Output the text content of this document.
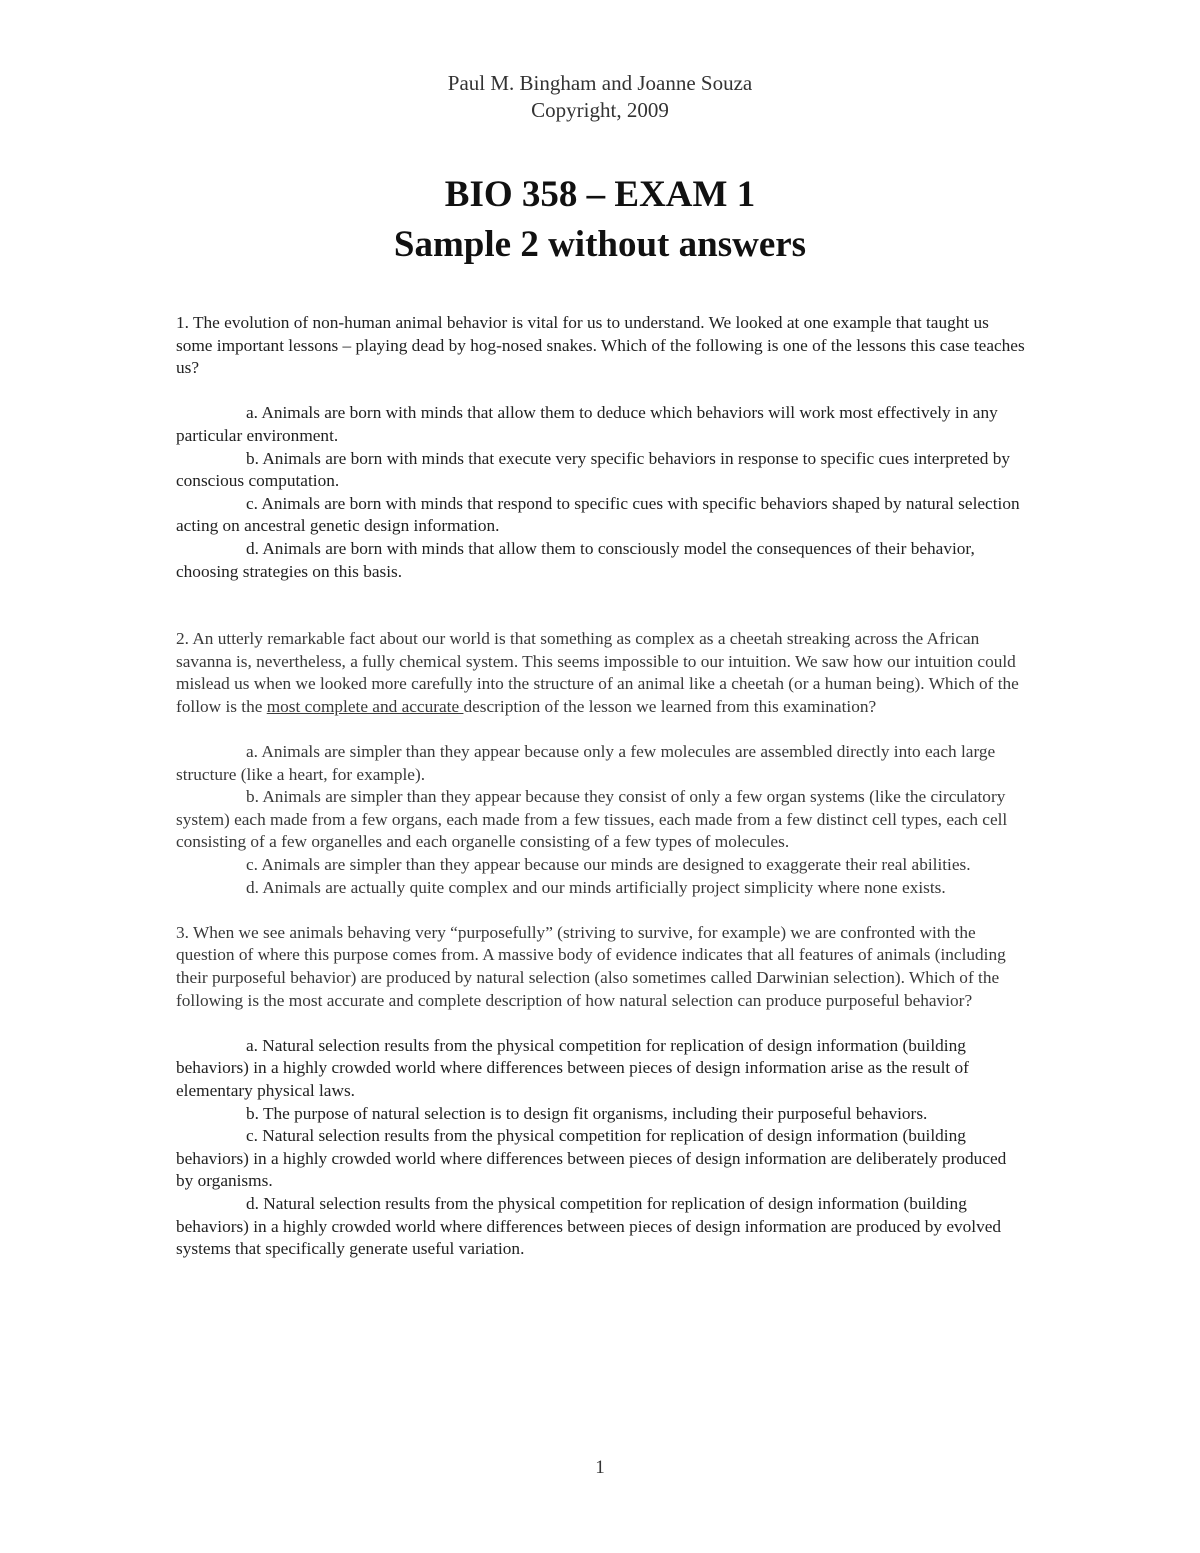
Paul M. Bingham and Joanne Souza
Copyright, 2009
BIO 358 – EXAM 1
Sample 2 without answers

1. The evolution of non-human animal behavior is vital for us to understand. We looked at one example that taught us some important lessons – playing dead by hog-nosed snakes. Which of the following is one of the lessons this case teaches us?

a. Animals are born with minds that allow them to deduce which behaviors will work most effectively in any particular environment.

b. Animals are born with minds that execute very specific behaviors in response to specific cues interpreted by conscious computation.

c. Animals are born with minds that respond to specific cues with specific behaviors shaped by natural selection acting on ancestral genetic design information.

d. Animals are born with minds that allow them to consciously model the consequences of their behavior, choosing strategies on this basis.

2. An utterly remarkable fact about our world is that something as complex as a cheetah streaking across the African savanna is, nevertheless, a fully chemical system. This seems impossible to our intuition. We saw how our intuition could mislead us when we looked more carefully into the structure of an animal like a cheetah (or a human being). Which of the follow is the most complete and accurate description of the lesson we learned from this examination?

a. Animals are simpler than they appear because only a few molecules are assembled directly into each large structure (like a heart, for example).

b. Animals are simpler than they appear because they consist of only a few organ systems (like the circulatory system) each made from a few organs, each made from a few tissues, each made from a few distinct cell types, each cell consisting of a few organelles and each organelle consisting of a few types of molecules.

c. Animals are simpler than they appear because our minds are designed to exaggerate their real abilities.

d. Animals are actually quite complex and our minds artificially project simplicity where none exists.

3. When we see animals behaving very “purposefully” (striving to survive, for example) we are confronted with the question of where this purpose comes from. A massive body of evidence indicates that all features of animals (including their purposeful behavior) are produced by natural selection (also sometimes called Darwinian selection). Which of the following is the most accurate and complete description of how natural selection can produce purposeful behavior?

a. Natural selection results from the physical competition for replication of design information (building behaviors) in a highly crowded world where differences between pieces of design information arise as the result of elementary physical laws.

b. The purpose of natural selection is to design fit organisms, including their purposeful behaviors.

c. Natural selection results from the physical competition for replication of design information (building behaviors) in a highly crowded world where differences between pieces of design information are deliberately produced by organisms.

d. Natural selection results from the physical competition for replication of design information (building behaviors) in a highly crowded world where differences between pieces of design information are produced by evolved systems that specifically generate useful variation.

1
